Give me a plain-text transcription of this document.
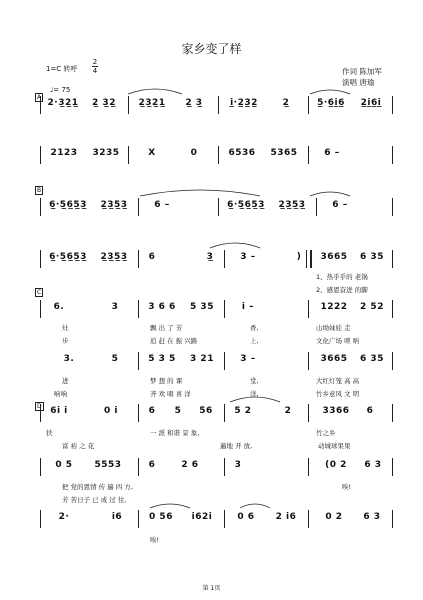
家乡变了样
1=C 转呼
2
4	作词 陈加军
演唱 唐瑜
♩= 75
A
B
C
D
2·3̲2̲1̲	2̲ 3̲2̲	2̲3̲2̲1̲	2̲ 3̲	i̲·2̲3̲2̲	2̲	5̲·6̲i̲6̲	2̲i̲6̲i̲
2123	3235	X	0	6536	5365	6 –
6̲·5̲6̲5̲3̲	2̲3̲5̲3̲	6 –	6̲·5̲6̲5̲3̲	2̲3̲5̲3̲	6 –
6̲·5̲6̲5̲3̲	2̲3̲5̲3̲	6	3̲	3 –	)	3665	6 35
1、热乎乎的 老锅
2、感恩奋进 的脚
6.	3	3 6 6	5 35	i –	1222	2 52
灶	飘 出 了 芳	香,	山坳妹娃 走
步	追 赶 在 振 兴路	上,	文化广场 唢 呐
3.	5	5 3 5	3 21	3 –	3665	6 35
进	梦 想 的 课	堂,	大红灯笼 高 高
响响	齐 欢 唱 喜 洋	洋,	竹乡意风 文 明
6i i	0 i	6	5	56	5 2	2	3366	6
扶	一 派 和谐 景 象,	竹之乡
富 裕 之 花	遍地 开 放,	动城球果果
0 5	5553	6	2 6	3	(0 2	6 3
把 党的恩情 传 遍 四 方,	唉!
芳 苦日子 已 成 过 往,
2·	i6	0 56	i62i	0 6	2 i6	0 2	6 3
唉!
第 1页
